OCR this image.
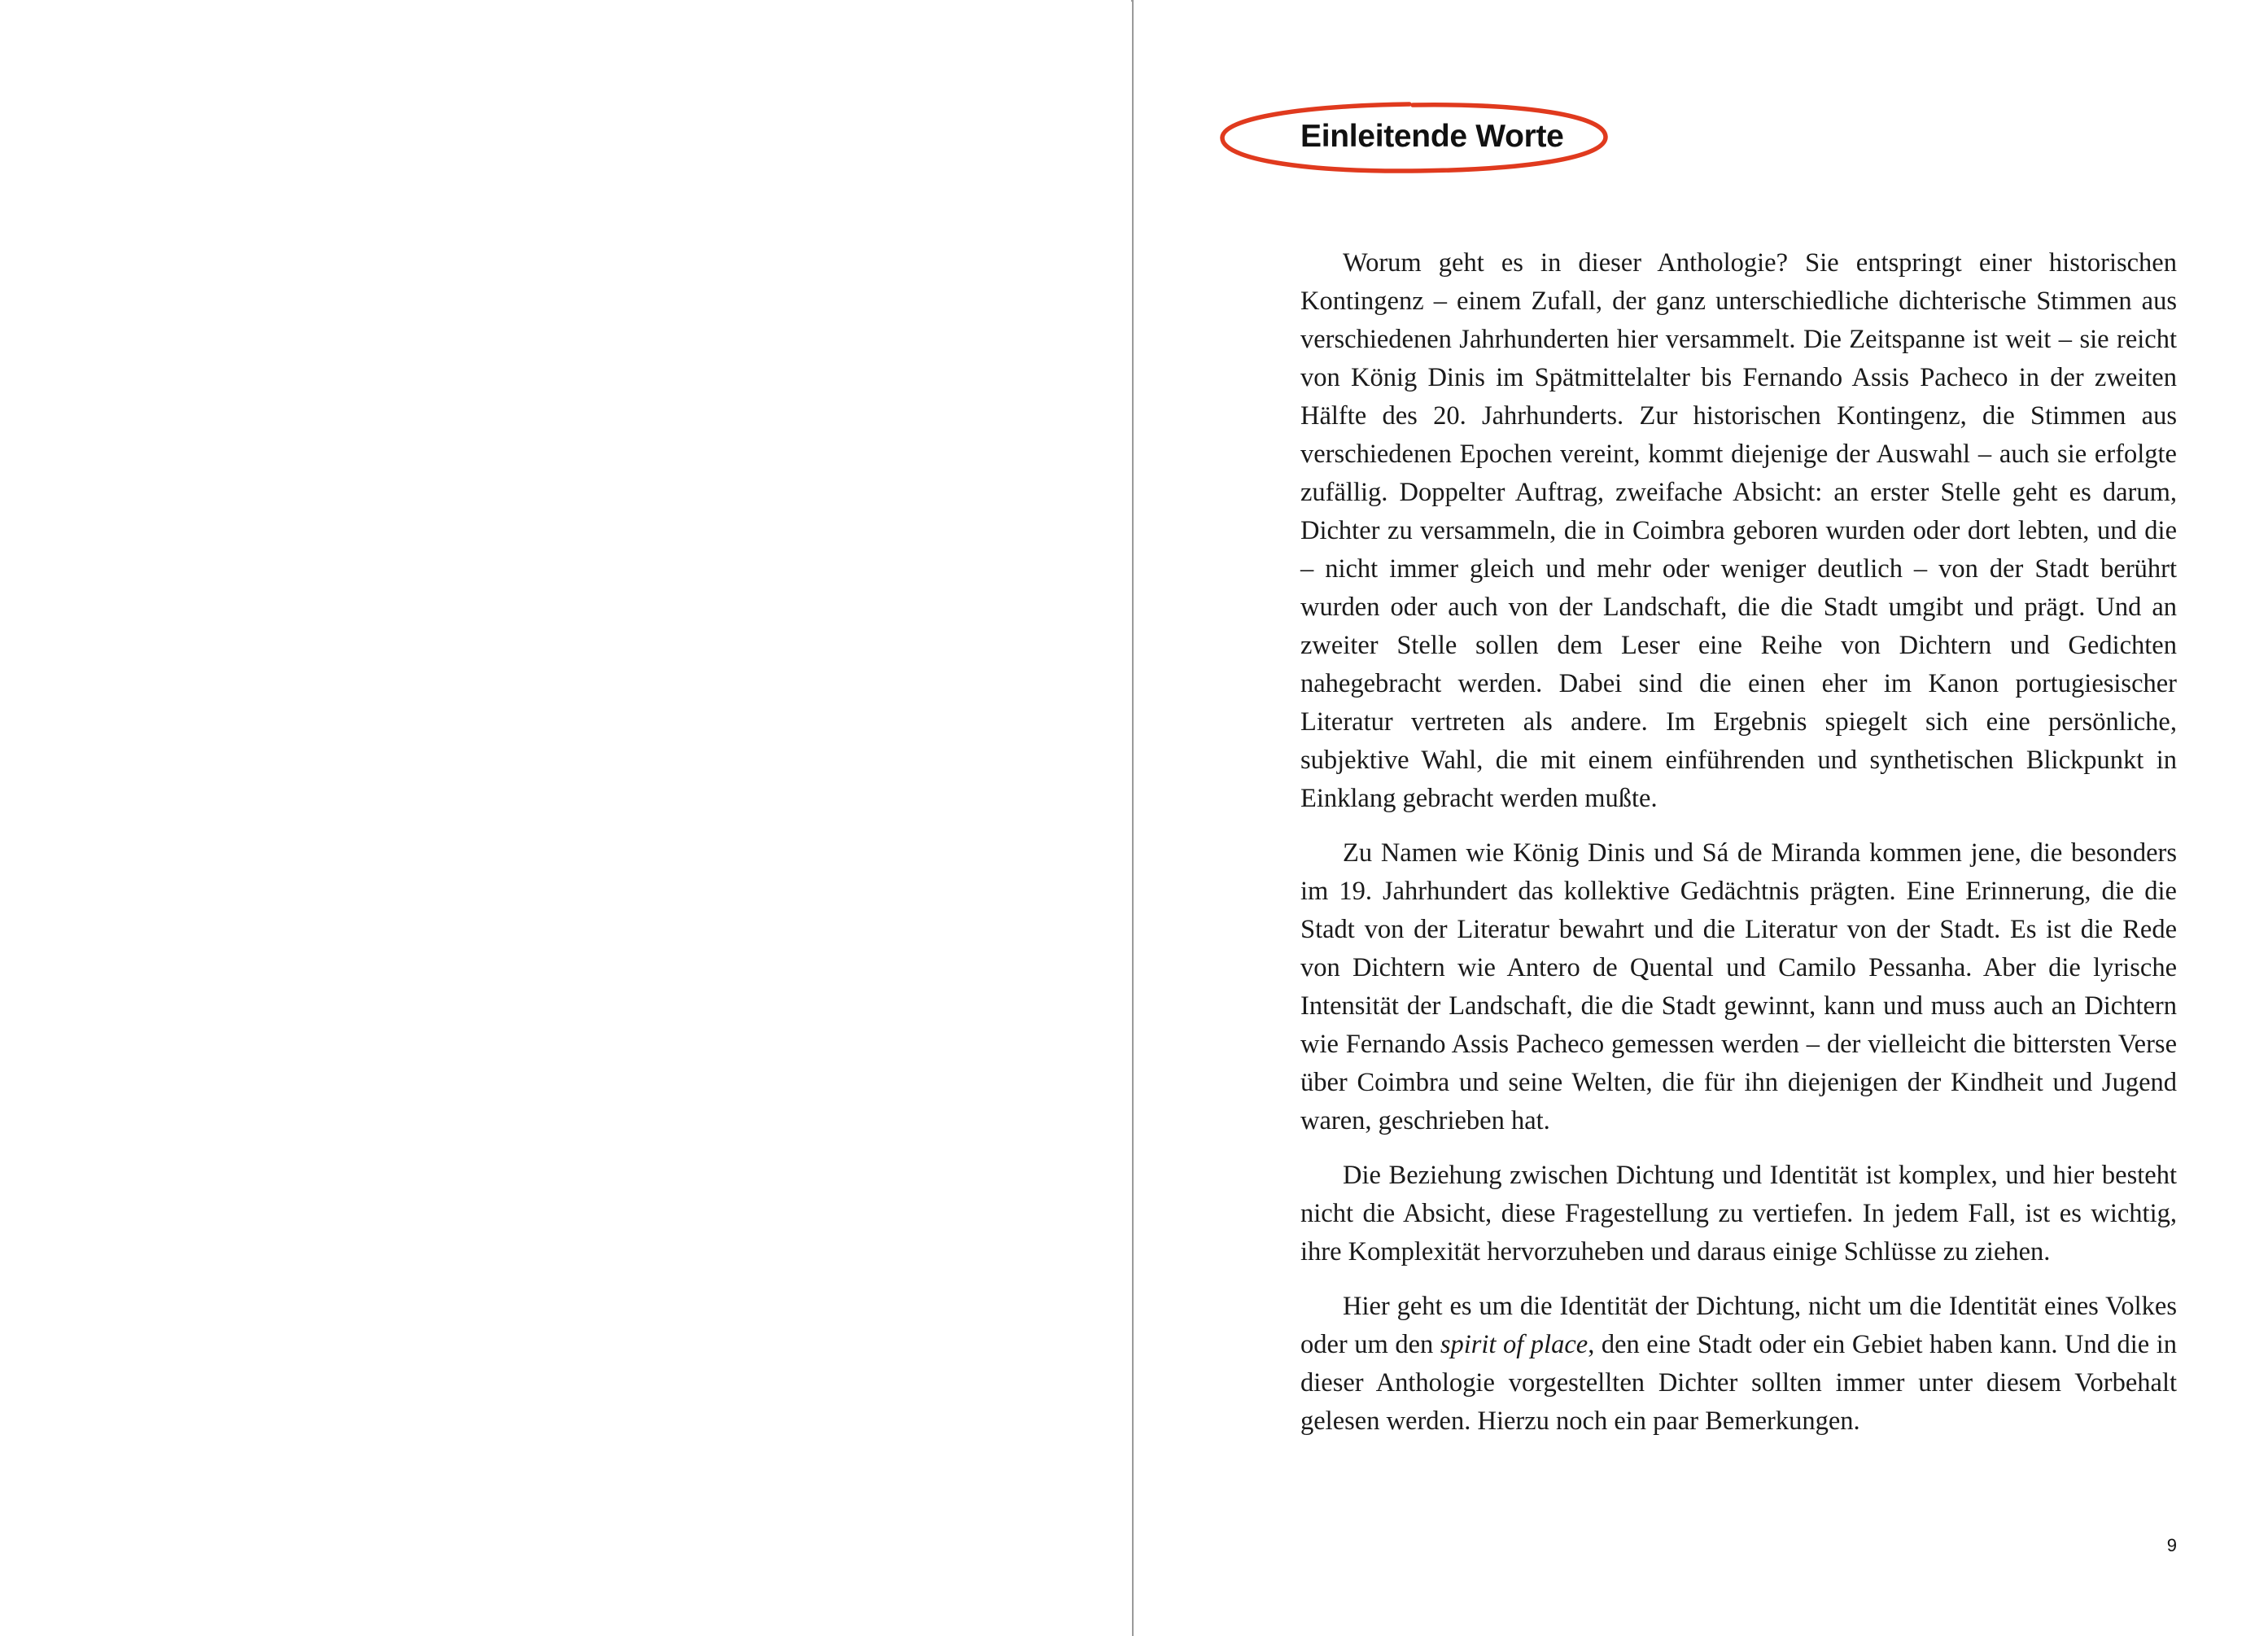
Einleitende Worte

Worum geht es in dieser Anthologie? Sie entspringt einer historischen Kontingenz – einem Zufall, der ganz unterschiedliche dichterische Stimmen aus verschiedenen Jahrhunderten hier versammelt. Die Zeitspanne ist weit – sie reicht von König Dinis im Spätmittelalter bis Fernando Assis Pacheco in der zweiten Hälfte des 20. Jahrhunderts. Zur historischen Kontingenz, die Stimmen aus verschiedenen Epochen vereint, kommt diejenige der Auswahl – auch sie erfolgte zufällig. Doppelter Auftrag, zweifache Absicht: an erster Stelle geht es darum, Dichter zu versammeln, die in Coimbra geboren wurden oder dort lebten, und die – nicht immer gleich und mehr oder weniger deutlich – von der Stadt berührt wurden oder auch von der Landschaft, die die Stadt umgibt und prägt. Und an zweiter Stelle sollen dem Leser eine Reihe von Dichtern und Gedichten nahegebracht werden. Dabei sind die einen eher im Kanon portugiesischer Literatur vertreten als andere. Im Ergebnis spiegelt sich eine persönliche, subjektive Wahl, die mit einem einführenden und synthetischen Blickpunkt in Einklang gebracht werden mußte.

Zu Namen wie König Dinis und Sá de Miranda kommen jene, die besonders im 19. Jahrhundert das kollektive Gedächtnis prägten. Eine Erinnerung, die die Stadt von der Literatur bewahrt und die Literatur von der Stadt. Es ist die Rede von Dichtern wie Antero de Quental und Camilo Pessanha. Aber die lyrische Intensität der Landschaft, die die Stadt gewinnt, kann und muss auch an Dichtern wie Fernando Assis Pacheco gemessen werden – der vielleicht die bittersten Verse über Coimbra und seine Welten, die für ihn diejenigen der Kindheit und Jugend waren, geschrieben hat.

Die Beziehung zwischen Dichtung und Identität ist komplex, und hier besteht nicht die Absicht, diese Fragestellung zu vertiefen. In jedem Fall, ist es wichtig, ihre Komplexität hervorzuheben und daraus einige Schlüsse zu ziehen.

Hier geht es um die Identität der Dichtung, nicht um die Identität eines Volkes oder um den spirit of place, den eine Stadt oder ein Gebiet haben kann. Und die in dieser Anthologie vorgestellten Dichter sollten immer unter diesem Vorbehalt gelesen werden. Hierzu noch ein paar Bemerkungen.

9
